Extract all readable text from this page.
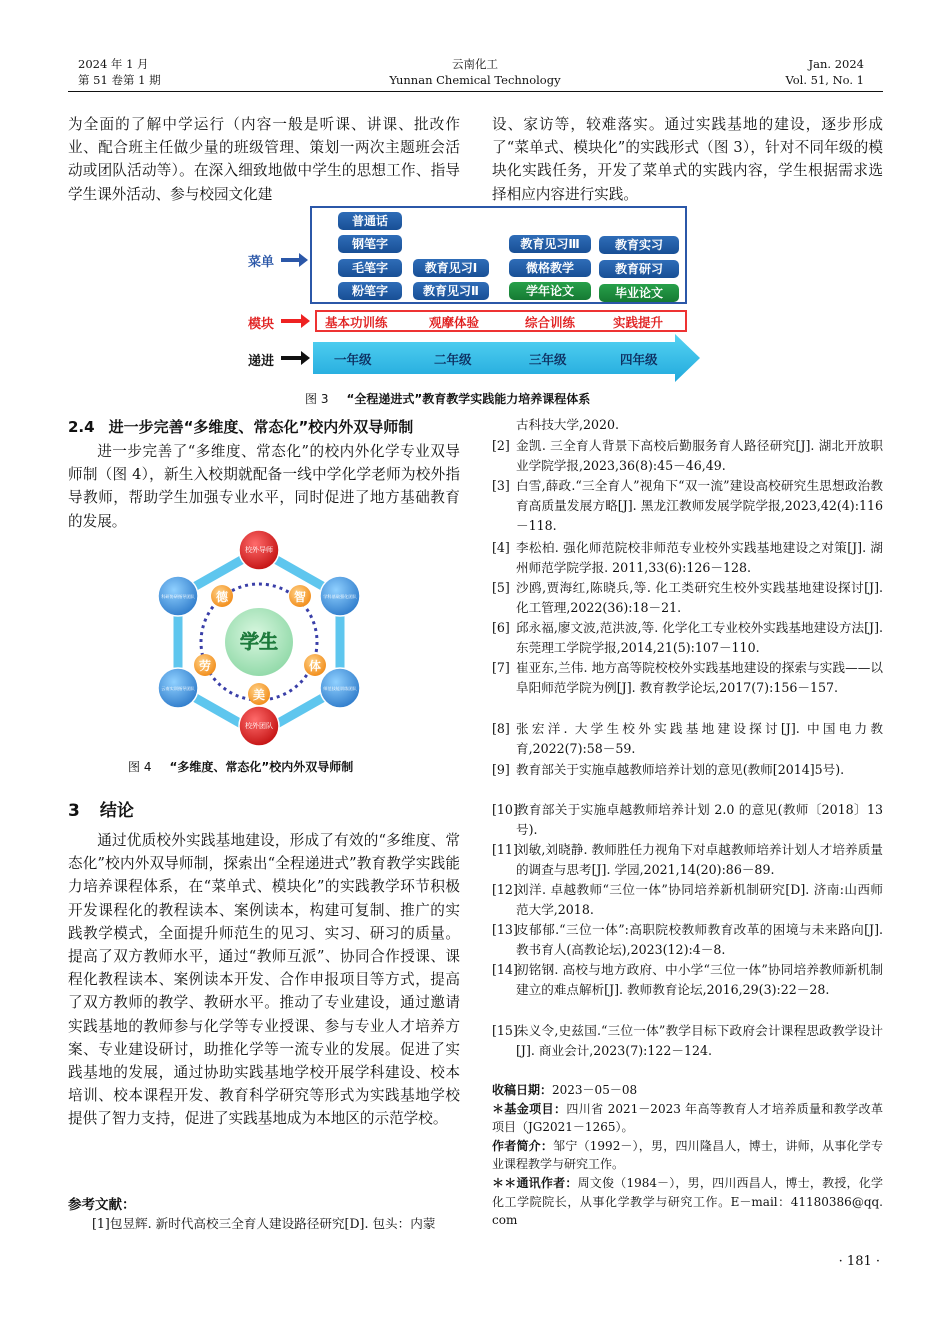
2024 年 1 月
第 51 卷第 1 期
云南化工
Yunnan Chemical Technology
Jan. 2024
Vol. 51, No. 1

为全面的了解中学运行（内容一般是听课、讲课、批改作业、配合班主任做少量的班级管理、策划一两次主题班会活动或团队活动等）。在深入细致地做中学生的思想工作、指导学生课外活动、参与校园文化建

设、家访等，较难落实。通过实践基地的建设，逐步形成了“菜单式、模块化”的实践形式（图 3），针对不同年级的模块化实践任务，开发了菜单式的实践内容，学生根据需求选择相应内容进行实践。

菜单
模块
递进
普通话
钢笔字
毛笔字
粉笔字
教育见习Ⅰ
教育见习Ⅱ
教育见习Ⅲ
微格教学
学年论文
教育实习
教育研习
毕业论文
基本功训练	观摩体验	综合训练	实践提升
一年级	二年级	三年级	四年级
图 3 “全程递进式”教育教学实践能力培养课程体系
2.4 进一步完善“多维度、常态化”校内外双导师制

进一步完善了“多维度、常态化”的校内外化学专业双导师制（图 4），新生入校期就配备一线中学化学老师为校外指导教师，帮助学生加强专业水平，同时促进了地方基础教育的发展。

学生
校外导师
学科基础强化团队
师范技能训练团队
校外团队
云南实训指导团队
科研协研指导团队 德	智
体
美
劳
图 4 “多维度、常态化”校内外双导师制
3 结论

通过优质校外实践基地建设，形成了有效的“多维度、常态化”校内外双导师制，探索出“全程递进式”教育教学实践能力培养课程体系，在“菜单式、模块化”的实践教学环节积极开发课程化的教程读本、案例读本，构建可复制、推广的实践教学模式，全面提升师范生的见习、实习、研习的质量。提高了双方教师水平，通过“教师互派”、协同合作授课、课程化教程读本、案例读本开发、合作申报项目等方式，提高了双方教师的教学、教研水平。推动了专业建设，通过邀请实践基地的教师参与化学等专业授课、参与专业人才培养方案、专业建设研讨，助推化学等一流专业的发展。促进了实践基地的发展，通过协助实践基地学校开展学科建设、校本培训、校本课程开发、教育科学研究等形式为实践基地学校提供了智力支持，促进了实践基地成为本地区的示范学校。

参考文献：
[1]包昱辉. 新时代高校三全育人建设路径研究[D]. 包头：内蒙
古科技大学,2020.
[2] 金凯. 三全育人背景下高校后勤服务育人路径研究[J]. 湖北开放职业学院学报,2023,36(8):45－46,49.
[3] 白雪,薛政.“三全育人”视角下“双一流”建设高校研究生思想政治教育高质量发展方略[J]. 黑龙江教师发展学院学报,2023,42(4):116－118.
[4] 李松柏. 强化师范院校非师范专业校外实践基地建设之对策[J]. 湖州师范学院学报. 2011,33(6):126－128.
[5] 沙鸥,贾海红,陈晓兵,等. 化工类研究生校外实践基地建设探讨[J]. 化工管理,2022(36):18－21.
[6] 邱永福,廖文波,范洪波,等. 化学化工专业校外实践基地建设方法[J]. 东莞理工学院学报,2014,21(5):107－110.
[7] 崔亚东,兰伟. 地方高等院校校外实践基地建设的探索与实践——以阜阳师范学院为例[J]. 教育教学论坛,2017(7):156－157.
[8] 张宏洋. 大学生校外实践基地建设探讨[J]. 中国电力教育,2022(7):58－59.
[9] 教育部关于实施卓越教师培养计划的意见(教师[2014]5号).
[10]
教育部关于实施卓越教师培养计划 2.0 的意见(教师〔2018〕13 号).
[11]
刘敏,刘晓静. 教师胜任力视角下对卓越教师培养计划人才培养质量的调查与思考[J]. 学园,2021,14(20):86－89.
[12]
刘洋. 卓越教师“三位一体”协同培养新机制研究[D]. 济南:山西师范大学,2018.
[13]
皮郁郁.“三位一体”:高职院校教师教育改革的困境与未来路向[J]. 教书育人(高教论坛),2023(12):4－8.
[14]
初铭钢. 高校与地方政府、中小学“三位一体”协同培养教师新机制建立的难点解析[J]. 教师教育论坛,2016,29(3):22－28.
[15]
朱义令,史兹国.“三位一体”教学目标下政府会计课程思政教学设计[J]. 商业会计,2023(7):122－124.
收稿日期：2023－05－08
＊基金项目：四川省 2021－2023 年高等教育人才培养质量和教学改革项目（JG2021－1265）。
作者简介：邹宁（1992－），男，四川隆昌人，博士，讲师，从事化学专业课程教学与研究工作。
＊＊通讯作者：周文俊（1984－），男，四川西昌人，博士，教授，化学化工学院院长，从事化学教学与研究工作。E－mail：41180386@qq. com
· 181 ·
